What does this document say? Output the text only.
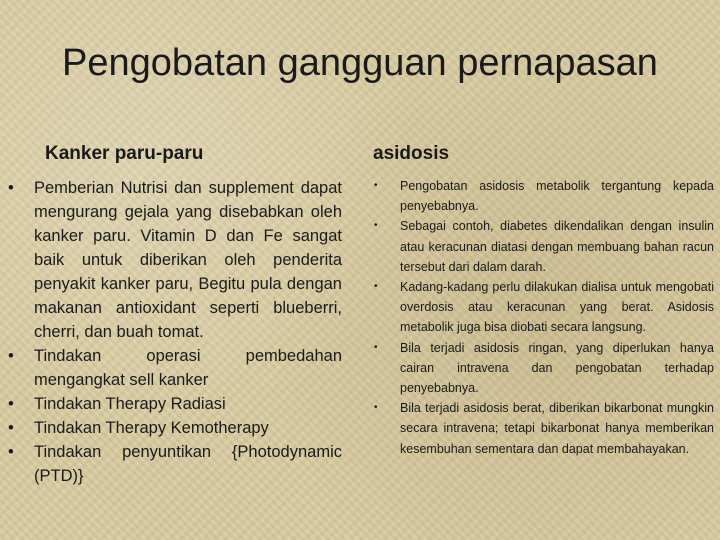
Pengobatan gangguan pernapasan
Kanker paru-paru	asidosis
• Pemberian Nutrisi dan supplement dapat mengurang gejala yang disebabkan oleh kanker paru. Vitamin D dan Fe sangat baik untuk diberikan oleh penderita penyakit kanker paru, Begitu pula dengan makanan antioxidant seperti blueberri, cherri, dan buah tomat.
• Tindakan operasi pembedahan mengangkat sell kanker
• Tindakan Therapy Radiasi
• Tindakan Therapy Kemotherapy
• Tindakan penyuntikan {Photodynamic (PTD)}
• Pengobatan asidosis metabolik tergantung kepada penyebabnya.
• Sebagai contoh, diabetes dikendalikan dengan insulin atau keracunan diatasi dengan membuang bahan racun tersebut dari dalam darah.
• Kadang-kadang perlu dilakukan dialisa untuk mengobati overdosis atau keracunan yang berat. Asidosis metabolik juga bisa diobati secara langsung.
• Bila terjadi asidosis ringan, yang diperlukan hanya cairan intravena dan pengobatan terhadap penyebabnya.
• Bila terjadi asidosis berat, diberikan bikarbonat mungkin secara intravena; tetapi bikarbonat hanya memberikan kesembuhan sementara dan dapat membahayakan.
